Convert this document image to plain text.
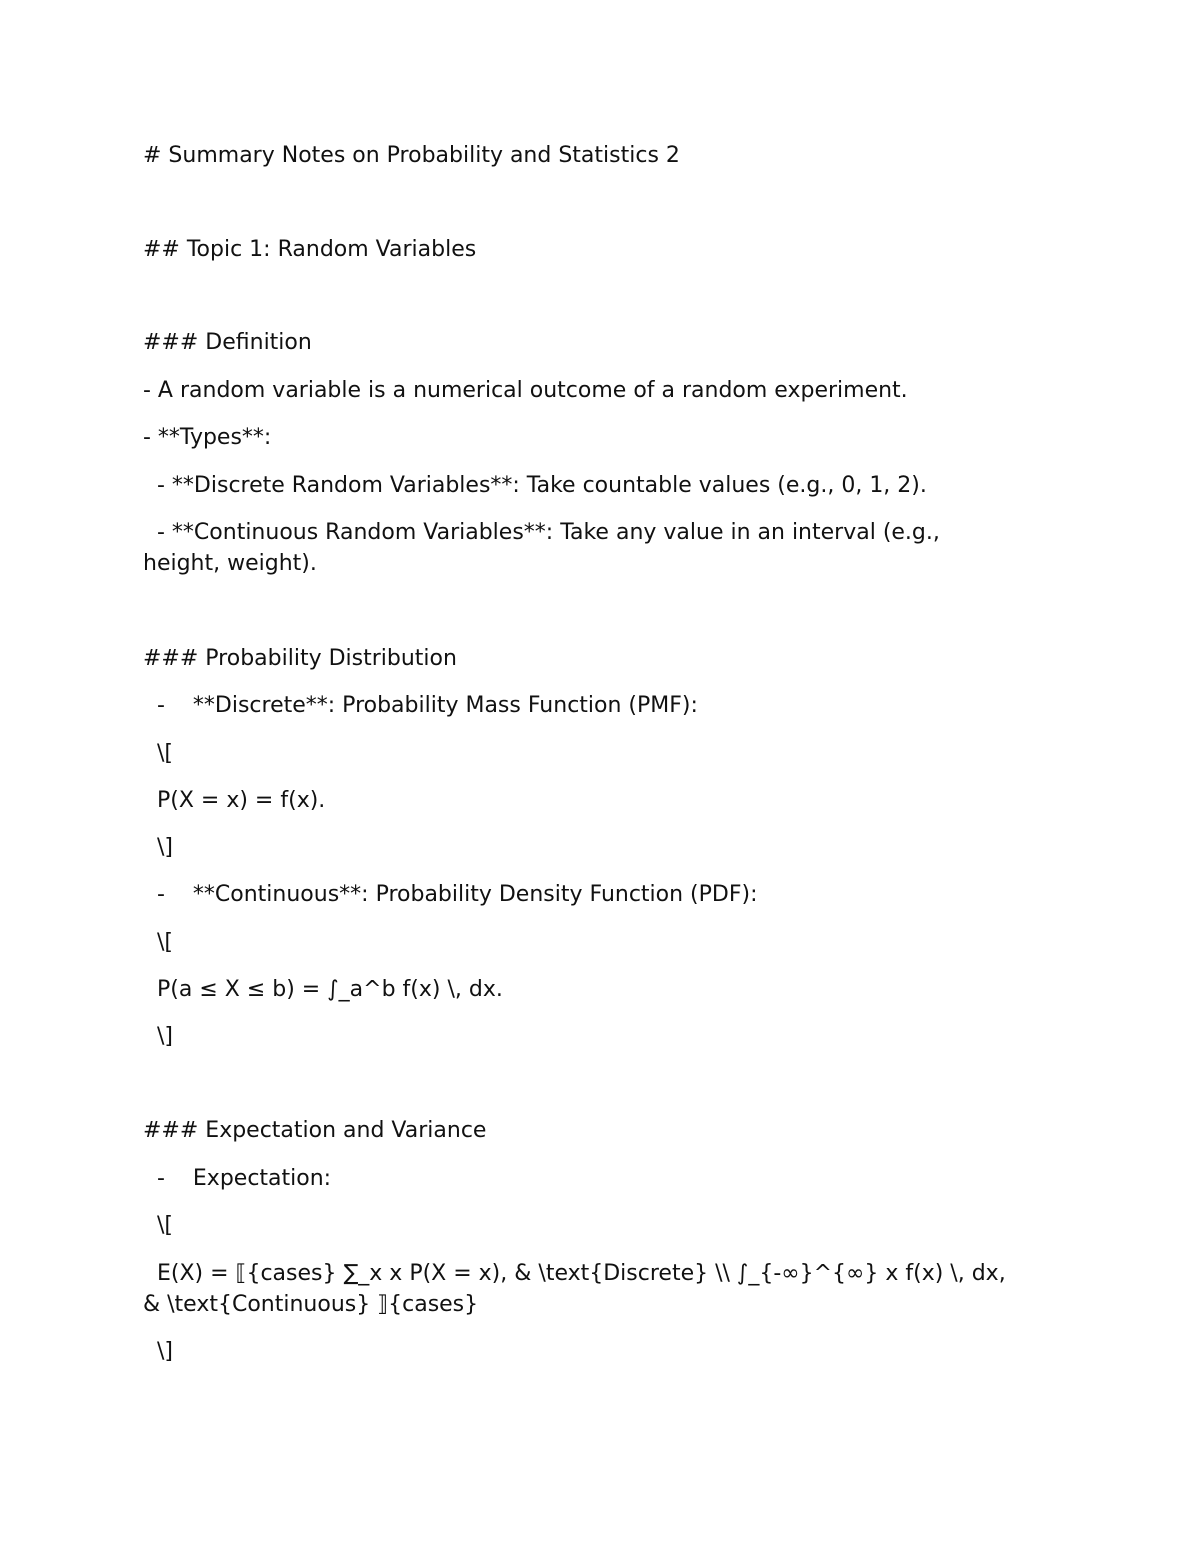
# Summary Notes on Probability and Statistics 2

## Topic 1: Random Variables

### Definition

- A random variable is a numerical outcome of a random experiment.

- **Types**:

- **Discrete Random Variables**: Take countable values (e.g., 0, 1, 2).

- **Continuous Random Variables**: Take any value in an interval (e.g., height, weight).

### Probability Distribution

-    **Discrete**: Probability Mass Function (PMF):

\[

P(X = x) = f(x).

\]

-    **Continuous**: Probability Density Function (PDF):

\[

P(a ≤ X ≤ b) = ∫_a^b f(x) \, dx.

\]

### Expectation and Variance

-    Expectation:

\[

E(X) = ⟦{cases} ∑_x x P(X = x), & \text{Discrete} \\ ∫_{-∞}^{∞} x f(x) \, dx, & \text{Continuous} ⟧{cases}

\]
